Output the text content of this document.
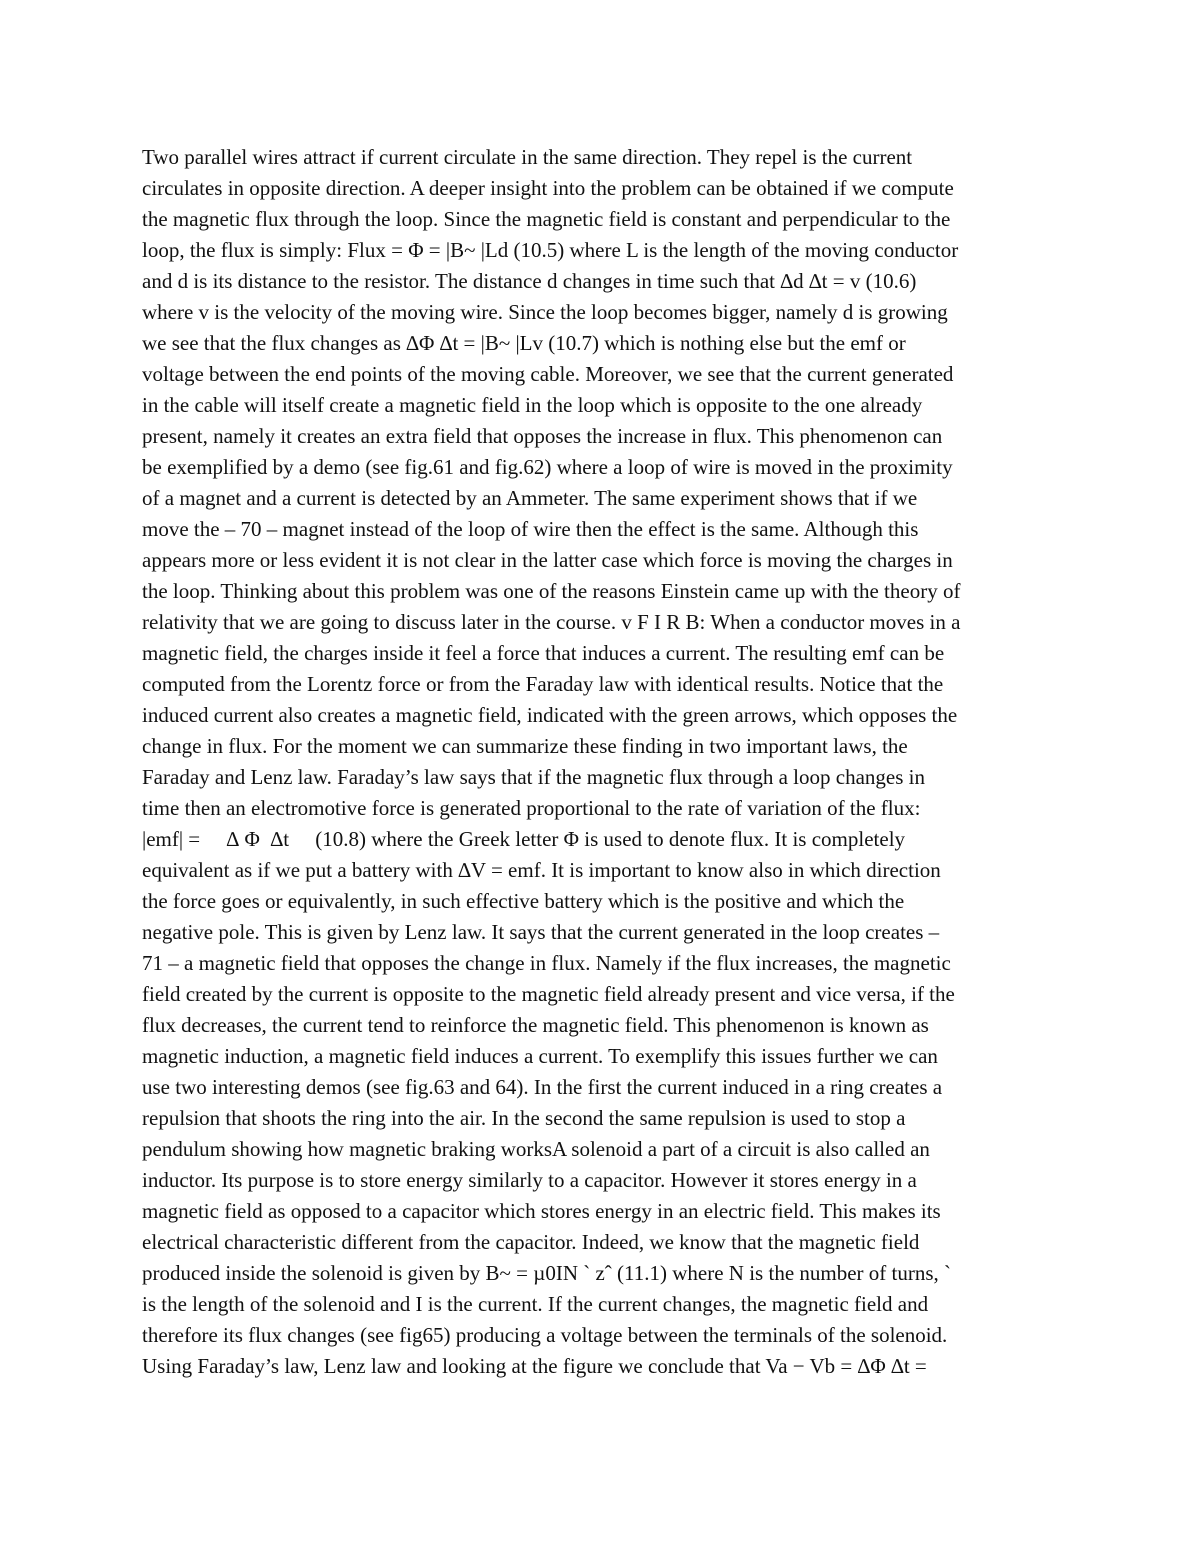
Two parallel wires attract if current circulate in the same direction. They repel is the current
circulates in opposite direction. A deeper insight into the problem can be obtained if we compute
the magnetic flux through the loop. Since the magnetic field is constant and perpendicular to the
loop, the flux is simply: Flux = Φ = |B~ |Ld (10.5) where L is the length of the moving conductor
and d is its distance to the resistor. The distance d changes in time such that ∆d ∆t = v (10.6)
where v is the velocity of the moving wire. Since the loop becomes bigger, namely d is growing
we see that the flux changes as ∆Φ ∆t = |B~ |Lv (10.7) which is nothing else but the emf or
voltage between the end points of the moving cable. Moreover, we see that the current generated
in the cable will itself create a magnetic field in the loop which is opposite to the one already
present, namely it creates an extra field that opposes the increase in flux. This phenomenon can
be exemplified by a demo (see fig.61 and fig.62) where a loop of wire is moved in the proximity
of a magnet and a current is detected by an Ammeter. The same experiment shows that if we
move the – 70 – magnet instead of the loop of wire then the effect is the same. Although this
appears more or less evident it is not clear in the latter case which force is moving the charges in
the loop. Thinking about this problem was one of the reasons Einstein came up with the theory of
relativity that we are going to discuss later in the course. v F I R B: When a conductor moves in a
magnetic field, the charges inside it feel a force that induces a current. The resulting emf can be
computed from the Lorentz force or from the Faraday law with identical results. Notice that the
induced current also creates a magnetic field, indicated with the green arrows, which opposes the
change in flux. For the moment we can summarize these finding in two important laws, the
Faraday and Lenz law. Faraday’s law says that if the magnetic flux through a loop changes in
time then an electromotive force is generated proportional to the rate of variation of the flux:
|emf| =     ∆ Φ  ∆t     (10.8) where the Greek letter Φ is used to denote flux. It is completely
equivalent as if we put a battery with ∆V = emf. It is important to know also in which direction
the force goes or equivalently, in such effective battery which is the positive and which the
negative pole. This is given by Lenz law. It says that the current generated in the loop creates –
71 – a magnetic field that opposes the change in flux. Namely if the flux increases, the magnetic
field created by the current is opposite to the magnetic field already present and vice versa, if the
flux decreases, the current tend to reinforce the magnetic field. This phenomenon is known as
magnetic induction, a magnetic field induces a current. To exemplify this issues further we can
use two interesting demos (see fig.63 and 64). In the first the current induced in a ring creates a
repulsion that shoots the ring into the air. In the second the same repulsion is used to stop a
pendulum showing how magnetic braking worksA solenoid a part of a circuit is also called an
inductor. Its purpose is to store energy similarly to a capacitor. However it stores energy in a
magnetic field as opposed to a capacitor which stores energy in an electric field. This makes its
electrical characteristic different from the capacitor. Indeed, we know that the magnetic field
produced inside the solenoid is given by B~ = µ0IN ` zˆ (11.1) where N is the number of turns, `
is the length of the solenoid and I is the current. If the current changes, the magnetic field and
therefore its flux changes (see fig65) producing a voltage between the terminals of the solenoid.
Using Faraday’s law, Lenz law and looking at the figure we conclude that Va − Vb = ∆Φ ∆t =
